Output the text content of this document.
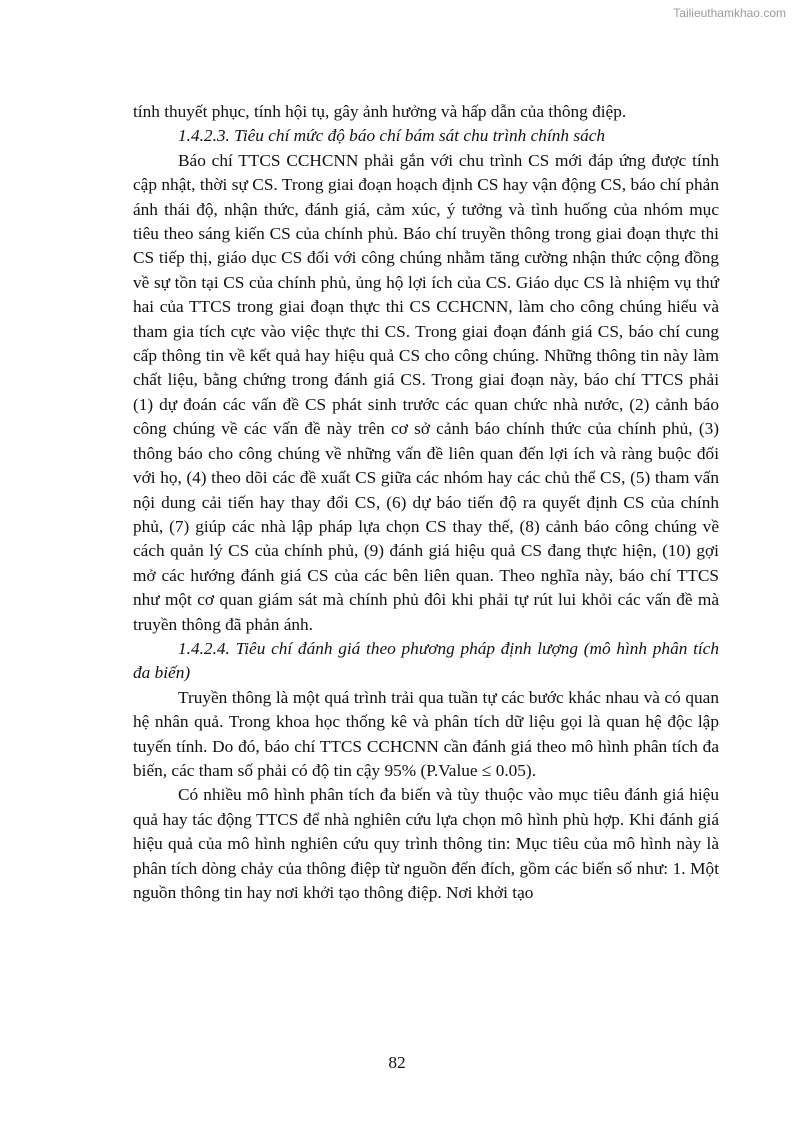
Tailieuthamkhao.com

tính thuyết phục, tính hội tụ, gây ảnh hưởng và hấp dẫn của thông điệp.

1.4.2.3. Tiêu chí mức độ báo chí bám sát chu trình chính sách

Báo chí TTCS CCHCNN phải gắn với chu trình CS mới đáp ứng được tính cập nhật, thời sự CS. Trong giai đoạn hoạch định CS hay vận động CS, báo chí phản ánh thái độ, nhận thức, đánh giá, cảm xúc, ý tưởng và tình huống của nhóm mục tiêu theo sáng kiến CS của chính phủ. Báo chí truyền thông trong giai đoạn thực thi CS tiếp thị, giáo dục CS đối với công chúng nhằm tăng cường nhận thức cộng đồng về sự tồn tại CS của chính phủ, ủng hộ lợi ích của CS. Giáo dục CS là nhiệm vụ thứ hai của TTCS trong giai đoạn thực thi CS CCHCNN, làm cho công chúng hiểu và tham gia tích cực vào việc thực thi CS. Trong giai đoạn đánh giá CS, báo chí cung cấp thông tin về kết quả hay hiệu quả CS cho công chúng. Những thông tin này làm chất liệu, bằng chứng trong đánh giá CS. Trong giai đoạn này, báo chí TTCS phải (1) dự đoán các vấn đề CS phát sinh trước các quan chức nhà nước, (2) cảnh báo công chúng về các vấn đề này trên cơ sở cảnh báo chính thức của chính phủ, (3) thông báo cho công chúng về những vấn đề liên quan đến lợi ích và ràng buộc đối với họ, (4) theo dõi các đề xuất CS giữa các nhóm hay các chủ thể CS, (5) tham vấn nội dung cải tiến hay thay đổi CS, (6) dự báo tiến độ ra quyết định CS của chính phủ, (7) giúp các nhà lập pháp lựa chọn CS thay thế, (8) cảnh báo công chúng về cách quản lý CS của chính phủ, (9) đánh giá hiệu quả CS đang thực hiện, (10) gợi mở các hướng đánh giá CS của các bên liên quan. Theo nghĩa này, báo chí TTCS như một cơ quan giám sát mà chính phủ đôi khi phải tự rút lui khỏi các vấn đề mà truyền thông đã phản ánh.

1.4.2.4. Tiêu chí đánh giá theo phương pháp định lượng (mô hình phân tích đa biến)

Truyền thông là một quá trình trải qua tuần tự các bước khác nhau và có quan hệ nhân quả. Trong khoa học thống kê và phân tích dữ liệu gọi là quan hệ độc lập tuyến tính. Do đó, báo chí TTCS CCHCNN cần đánh giá theo mô hình phân tích đa biến, các tham số phải có độ tin cậy 95% (P.Value ≤ 0.05).

Có nhiều mô hình phân tích đa biến và tùy thuộc vào mục tiêu đánh giá hiệu quả hay tác động TTCS để nhà nghiên cứu lựa chọn mô hình phù hợp. Khi đánh giá hiệu quả của mô hình nghiên cứu quy trình thông tin: Mục tiêu của mô hình này là phân tích dòng chảy của thông điệp từ nguồn đến đích, gồm các biến số như: 1. Một nguồn thông tin hay nơi khởi tạo thông điệp. Nơi khởi tạo

82
